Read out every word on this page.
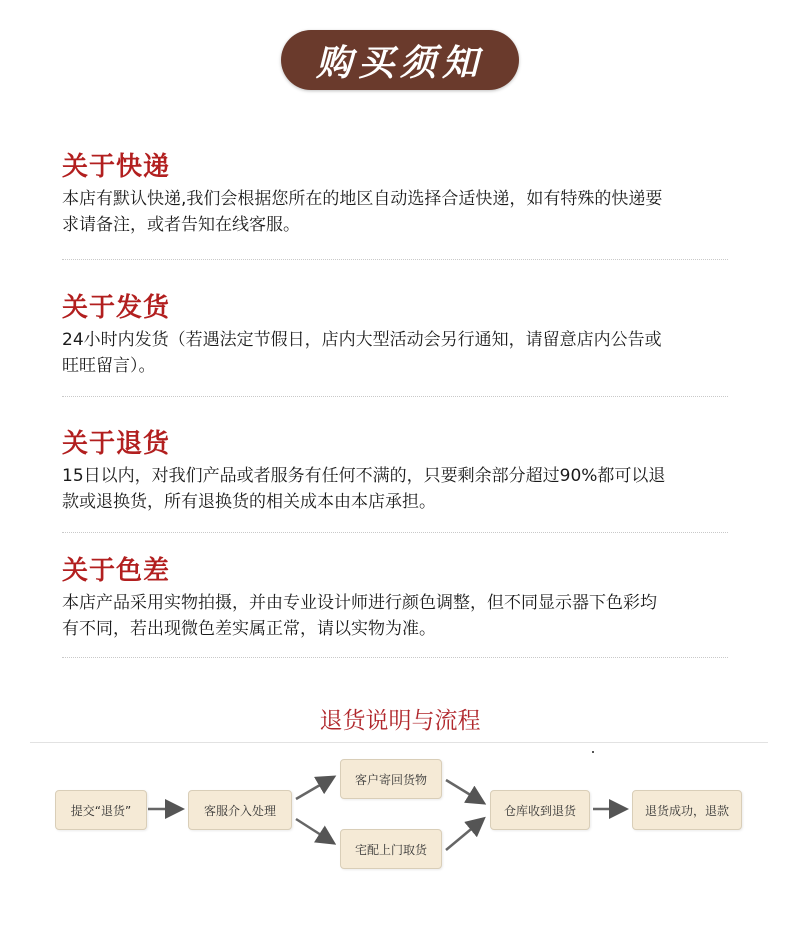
购买须知
关于快递
本店有默认快递,我们会根据您所在的地区自动选择合适快递，如有特殊的快递要
求请备注，或者告知在线客服。
关于发货
24小时内发货（若遇法定节假日，店内大型活动会另行通知，请留意店内公告或
旺旺留言）。
关于退货
15日以内，对我们产品或者服务有任何不满的，只要剩余部分超过90%都可以退
款或退换货，所有退换货的相关成本由本店承担。
关于色差
本店产品采用实物拍摄，并由专业设计师进行颜色调整，但不同显示器下色彩均
有不同，若出现微色差实属正常，请以实物为准。
退货说明与流程
提交“退货”	客服介入处理
客户寄回货物
宅配上门取货
仓库收到退货	退货成功，退款
